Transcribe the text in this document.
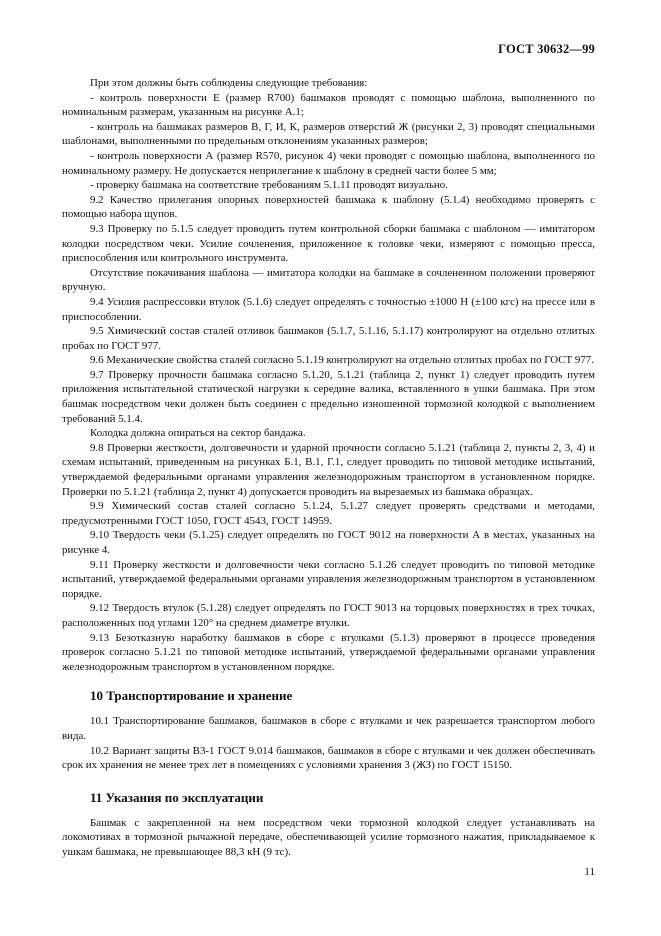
ГОСТ 30632—99

При этом должны быть соблюдены следующие требования:

- контроль поверхности Е (размер R700) башмаков проводят с помощью шаблона, выполненного по номинальным размерам, указанным на рисунке А.1;

- контроль на башмаках размеров В, Г, И, К, размеров отверстий Ж (рисунки 2, 3) проводят специальными шаблонами, выполненными по предельным отклонениям указанных размеров;

- контроль поверхности А (размер R570, рисунок 4) чеки проводят с помощью шаблона, выполненного по номинальному размеру. Не допускается неприлегание к шаблону в средней части более 5 мм;

- проверку башмака на соответствие требованиям 5.1.11 проводят визуально.

9.2 Качество прилегания опорных поверхностей башмака к шаблону (5.1.4) необходимо проверять с помощью набора щупов.

9.3 Проверку по 5.1.5 следует проводить путем контрольной сборки башмака с шаблоном — имитатором колодки посредством чеки. Усилие сочленения, приложенное к головке чеки, измеряют с помощью пресса, приспособления или контрольного инструмента.

Отсутствие покачивания шаблона — имитатора колодки на башмаке в сочлененном положении проверяют вручную.

9.4 Усилия распрессовки втулок (5.1.6) следует определять с точностью ±1000 Н (±100 кгс) на прессе или в приспособлении.

9.5 Химический состав сталей отливок башмаков (5.1.7, 5.1.16, 5.1.17) контролируют на отдельно отлитых пробах по ГОСТ 977.

9.6 Механические свойства сталей согласно 5.1.19 контролируют на отдельно отлитых пробах по ГОСТ 977.

9.7 Проверку прочности башмака согласно 5.1.20, 5.1.21 (таблица 2, пункт 1) следует проводить путем приложения испытательной статической нагрузки к середине валика, вставленного в ушки башмака. При этом башмак посредством чеки должен быть соединен с предельно изношенной тормозной колодкой с выполнением требований 5.1.4.

Колодка должна опираться на сектор бандажа.

9.8 Проверки жесткости, долговечности и ударной прочности согласно 5.1.21 (таблица 2, пункты 2, 3, 4) и схемам испытаний, приведенным на рисунках Б.1, В.1, Г.1, следует проводить по типовой методике испытаний, утверждаемой федеральными органами управления железнодорожным транспортом в установленном порядке. Проверки по 5.1.21 (таблица 2, пункт 4) допускается проводить на вырезаемых из башмака образцах.

9.9 Химический состав сталей согласно 5.1.24, 5.1.27 следует проверять средствами и методами, предусмотренными ГОСТ 1050, ГОСТ 4543, ГОСТ 14959.

9.10 Твердость чеки (5.1.25) следует определять по ГОСТ 9012 на поверхности А в местах, указанных на рисунке 4.

9.11 Проверку жесткости и долговечности чеки согласно 5.1.26 следует проводить по типовой методике испытаний, утверждаемой федеральными органами управления железнодорожным транспортом в установленном порядке.

9.12 Твердость втулок (5.1.28) следует определять по ГОСТ 9013 на торцовых поверхностях в трех точках, расположенных под углами 120° на среднем диаметре втулки.

9.13 Безотказную наработку башмаков в сборе с втулками (5.1.3) проверяют в процессе проведения проверок согласно 5.1.21 по типовой методике испытаний, утверждаемой федеральными органами управления железнодорожным транспортом в установленном порядке.

10 Транспортирование и хранение

10.1 Транспортирование башмаков, башмаков в сборе с втулками и чек разрешается транспортом любого вида.

10.2 Вариант защиты В3-1 ГОСТ 9.014 башмаков, башмаков в сборе с втулками и чек должен обеспечивать срок их хранения не менее трех лет в помещениях с условиями хранения 3 (ЖЗ) по ГОСТ 15150.

11 Указания по эксплуатации

Башмак с закрепленной на нем посредством чеки тормозной колодкой следует устанавливать на локомотивах в тормозной рычажной передаче, обеспечивающей усилие тормозного нажатия, прикладываемое к ушкам башмака, не превышающее 88,3 кН (9 тс).

11
